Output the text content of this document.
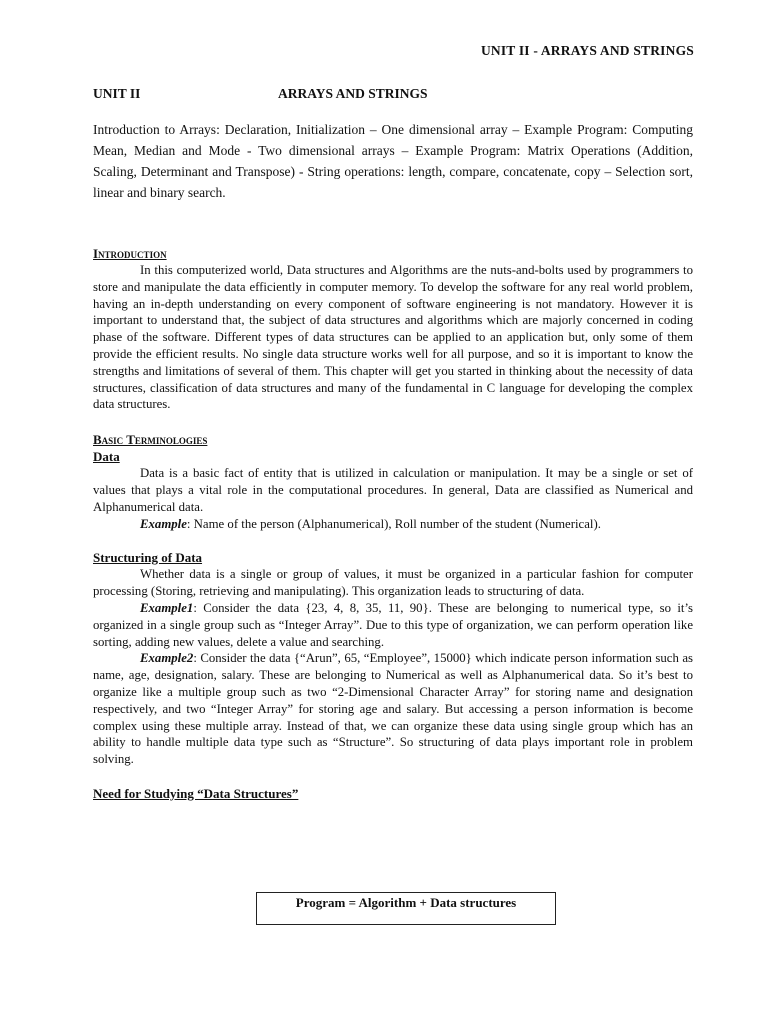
UNIT II - ARRAYS AND STRINGS
UNIT II	ARRAYS AND STRINGS

Introduction to Arrays: Declaration, Initialization – One dimensional array – Example Program: Computing Mean, Median and Mode - Two dimensional arrays – Example Program: Matrix Operations (Addition, Scaling, Determinant and Transpose) - String operations: length, compare, concatenate, copy – Selection sort, linear and binary search.

Introduction

In this computerized world, Data structures and Algorithms are the nuts-and-bolts used by programmers to store and manipulate the data efficiently in computer memory. To develop the software for any real world problem, having an in-depth understanding on every component of software engineering is not mandatory. However it is important to understand that, the subject of data structures and algorithms which are majorly concerned in coding phase of the software. Different types of data structures can be applied to an application but, only some of them provide the efficient results. No single data structure works well for all purpose, and so it is important to know the strengths and limitations of several of them. This chapter will get you started in thinking about the necessity of data structures, classification of data structures and many of the fundamental in C language for developing the complex data structures.

Basic Terminologies
Data

Data is a basic fact of entity that is utilized in calculation or manipulation. It may be a single or set of values that plays a vital role in the computational procedures. In general, Data are classified as Numerical and Alphanumerical data.

Example: Name of the person (Alphanumerical), Roll number of the student (Numerical).

Structuring of Data

Whether data is a single or group of values, it must be organized in a particular fashion for computer processing (Storing, retrieving and manipulating). This organization leads to structuring of data.

Example1: Consider the data {23, 4, 8, 35, 11, 90}. These are belonging to numerical type, so it’s organized in a single group such as “Integer Array”. Due to this type of organization, we can perform operation like sorting, adding new values, delete a value and searching.

Example2: Consider the data {“Arun”, 65, “Employee”, 15000} which indicate person information such as name, age, designation, salary. These are belonging to Numerical as well as Alphanumerical data. So it’s best to organize like a multiple group such as two “2-Dimensional Character Array” for storing name and designation respectively, and two “Integer Array” for storing age and salary. But accessing a person information is become complex using these multiple array. Instead of that, we can organize these data using single group which has an ability to handle multiple data type such as “Structure”. So structuring of data plays important role in problem solving.

Need for Studying “Data Structures”
Program = Algorithm + Data structures
